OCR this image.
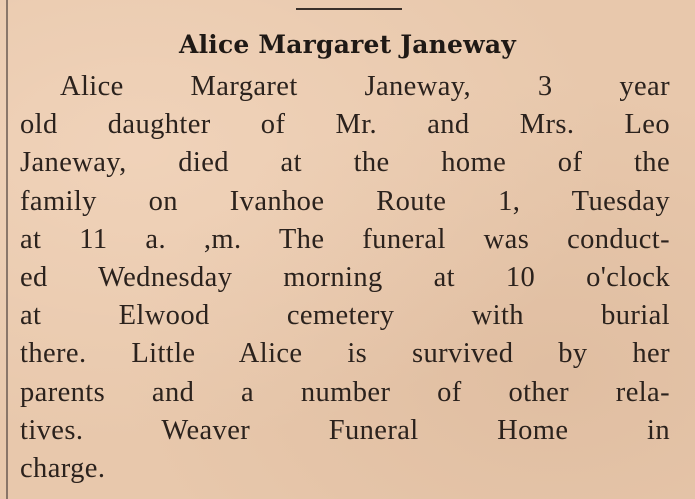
Alice Margaret Janeway
Alice Margaret Janeway, 3 year
old daughter of Mr. and Mrs. Leo
Janeway, died at the home of the
family on Ivanhoe Route 1, Tuesday
at 11 a. ,m. The funeral was conduct-
ed Wednesday morning at 10 o'clock
at Elwood cemetery with burial
there. Little Alice is survived by her
parents and a number of other rela-
tives. Weaver Funeral Home in
charge.
